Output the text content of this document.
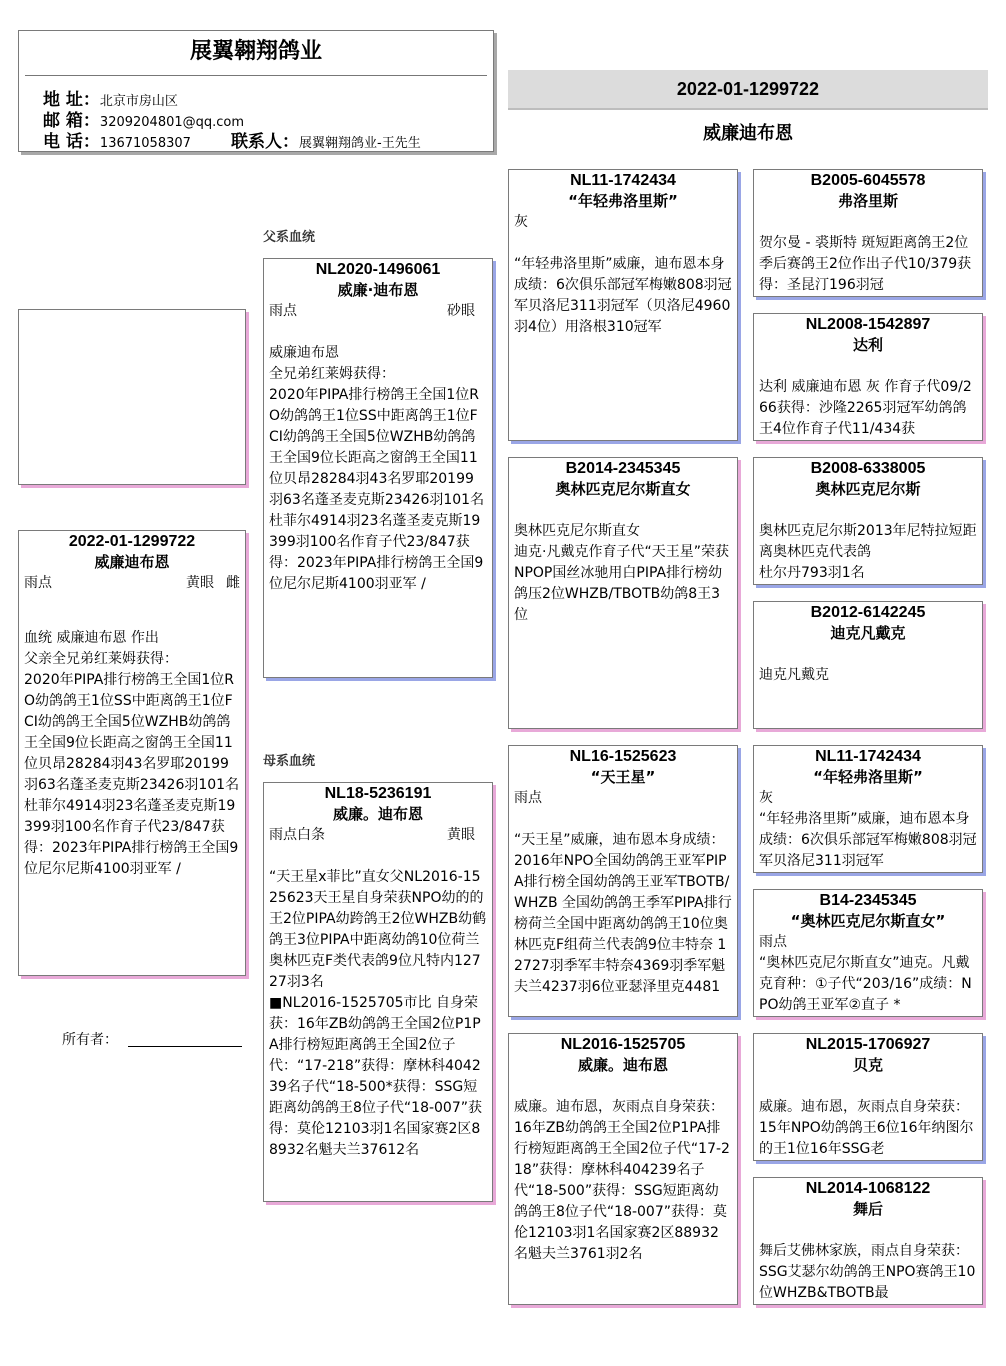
展翼翱翔鸽业
地 址：北京市房山区
邮 箱：3209204801@qq.com
电 话：13671058307 联系人：展翼翱翔鸽业-王先生
2022-01-1299722
威廉迪布恩
父系血统
母系血统
2022-01-1299722
威廉迪布恩
雨点	黄眼 雌
血统 威廉迪布恩 作出
父亲全兄弟红莱姆获得：
2020年PIPA排行榜鸽王全国1位RO幼鸽鸽王1位SS中距离鸽王1位FCI幼鸽鸽王全国5位WZHB幼鸽鸽王全国9位长距高之窗鸽王全国11位贝昂28284羽43名罗耶20199羽63名蓬圣麦克斯23426羽101名杜菲尔4914羽23名蓬圣麦克斯19399羽100名作育子代23/847获得：2023年PIPA排行榜鸽王全国9位尼尔尼斯4100羽亚军 /
所有者：
NL2020-1496061
威廉·迪布恩
雨点	砂眼

威廉迪布恩
全兄弟红莱姆获得：
2020年PIPA排行榜鸽王全国1位RO幼鸽鸽王1位SS中距离鸽王1位FCI幼鸽鸽王全国5位WZHB幼鸽鸽王全国9位长距高之窗鸽王全国11位贝昂28284羽43名罗耶20199羽63名蓬圣麦克斯23426羽101名杜菲尔4914羽23名蓬圣麦克斯19399羽100名作育子代23/847获得：2023年PIPA排行榜鸽王全国9位尼尔尼斯4100羽亚军 /
NL18-5236191
威廉。迪布恩
雨点白条	黄眼

“天王星x菲比”直女父NL2016-1525623天王星自身荣获NPO幼的的王2位PIPA幼跨鸽王2位WHZB幼鹤鸽王3位PIPA中距离幼鸽10位荷兰奥林匹克F类代表鸽9位凡特内12727羽3名
■NL2016-1525705市比 自身荣获：16年ZB幼鸽鸽王全国2位P1PA排行榜短距离鸽王全国2位子代：“17-218”获得：摩林科404239名子代“18-500*获得：SSG短距离幼鸽鸽王8位子代“18-007”获得：莫伦12103羽1名国家赛2区88932名魁夫兰37612名
NL11-1742434
“年轻弗洛里斯”
灰

“年轻弗洛里斯”威廉，迪布恩本身成绩：6次俱乐部冠军梅嫩808羽冠军贝洛尼311羽冠军（贝洛尼4960羽4位）用洛根310冠军
B2014-2345345
奥林匹克尼尔斯直女

奥林匹克尼尔斯直女
迪克·凡戴克作育子代“天王星”荣获
NPOP国丝冰驰用白PIPA排行榜幼鸽压2位WHZB/TBOTB幼鸽8王3位
NL16-1525623
“天王星”
雨点

“天王星”威廉，迪布恩本身成绩：2016年NPO全国幼鸽鸽王亚军PIPA排行榜全国幼鸽鸽王亚军TBOTB/WHZB 全国幼鸽鸽王季军PIPA排行榜荷兰全国中距离幼鸽鸽王10位奥林匹克F组荷兰代表鸽9位丰特奈 12727羽季军丰特奈4369羽季军魁夫兰4237羽6位亚瑟泽里克4481
NL2016-1525705
威廉。迪布恩

威廉。迪布恩，灰雨点自身荣获：16年ZB幼鸽鸽王全国2位P1PA排行榜短距离鸽王全国2位子代“17-218”获得：摩林科404239名子代“18-500”获得：SSG短距离幼鸽鸽王8位子代“18-007”获得：莫伦12103羽1名国家赛2区88932名魁夫兰3761羽2名
B2005-6045578
弗洛里斯

贺尔曼 - 裘斯特 斑短距离鸽王2位季后赛鸽王2位作出子代10/379获得：圣昆汀196羽冠
NL2008-1542897
达利

达利 威廉迪布恩 灰 作育子代09/266获得：沙隆2265羽冠军幼鸽鸽王4位作育子代11/434获
B2008-6338005
奥林匹克尼尔斯

奥林匹克尼尔斯2013年尼特拉短距离奥林匹克代表鸽
杜尔丹793羽1名
B2012-6142245
迪克凡戴克

迪克凡戴克
NL11-1742434
“年轻弗洛里斯”
灰
“年轻弗洛里斯”威廉，迪布恩本身成绩：6次俱乐部冠军梅嫩808羽冠军贝洛尼311羽冠军
B14-2345345
“奥林匹克尼尔斯直女”
雨点
“奥林匹克尼尔斯直女”迪克。凡戴克育种：①子代“203/16”成绩：NPO幼鸽王亚军②直子 *
NL2015-1706927
贝克

威廉。迪布恩，灰雨点自身荣获：15年NPO幼鸽鸽王6位16年纳图尔的王1位16年SSG老
NL2014-1068122
舞后

舞后艾佛林家族，雨点自身荣获：SSG艾瑟尔幼鸽鸽王NPO赛鸽王10位WHZB&TBOTB最
